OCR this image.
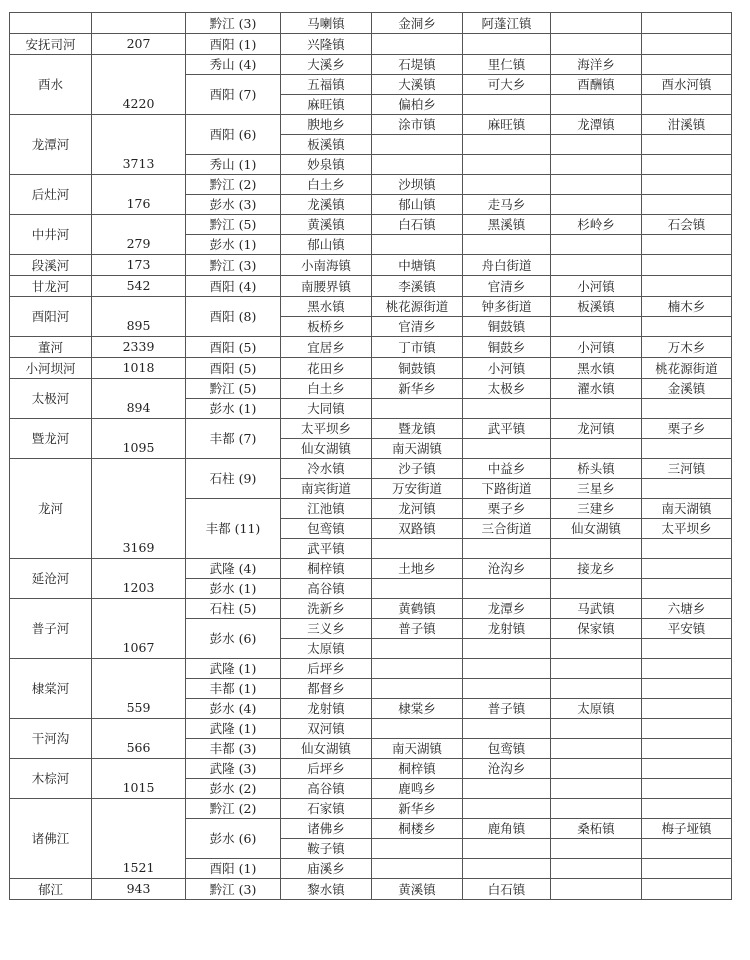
		黔江 (3)	马喇镇	金洞乡	阿蓬江镇		
安抚司河	207	酉阳 (1)	兴隆镇				
酉水	4220	秀山 (4)	大溪乡	石堤镇	里仁镇	海洋乡	
		酉阳 (7)	五福镇	大溪镇	可大乡	酉酬镇	酉水河镇
			麻旺镇	偏柏乡			
龙潭河	3713	酉阳 (6)	腴地乡	涂市镇	麻旺镇	龙潭镇	泔溪镇
			板溪镇				
		秀山 (1)	妙泉镇				
后灶河	176	黔江 (2)	白土乡	沙坝镇			
		彭水 (3)	龙溪镇	郁山镇	走马乡		
中井河	279	黔江 (5)	黄溪镇	白石镇	黑溪镇	杉岭乡	石会镇
		彭水 (1)	郁山镇				
段溪河	173	黔江 (3)	小南海镇	中塘镇	舟白街道		
甘龙河	542	酉阳 (4)	南腰界镇	李溪镇	官清乡	小河镇	
酉阳河	895	酉阳 (8)	黑水镇	桃花源街道	钟多街道	板溪镇	楠木乡
			板桥乡	官清乡	铜鼓镇		
董河	2339	酉阳 (5)	宜居乡	丁市镇	铜鼓乡	小河镇	万木乡
小河坝河	1018	酉阳 (5)	花田乡	铜鼓镇	小河镇	黑水镇	桃花源街道
太极河	894	黔江 (5)	白土乡	新华乡	太极乡	濯水镇	金溪镇
		彭水 (1)	大同镇				
暨龙河	1095	丰都 (7)	太平坝乡	暨龙镇	武平镇	龙河镇	栗子乡
			仙女湖镇	南天湖镇			
龙河	3169	石柱 (9)	冷水镇	沙子镇	中益乡	桥头镇	三河镇
			南宾街道	万安街道	下路街道	三星乡	
		丰都 (11)	江池镇	龙河镇	栗子乡	三建乡	南天湖镇
			包鸾镇	双路镇	三合街道	仙女湖镇	太平坝乡
			武平镇				
延沧河	1203	武隆 (4)	桐梓镇	土地乡	沧沟乡	接龙乡	
		彭水 (1)	高谷镇				
普子河	1067	石柱 (5)	洗新乡	黄鹤镇	龙潭乡	马武镇	六塘乡
		彭水 (6)	三义乡	普子镇	龙射镇	保家镇	平安镇
			太原镇				
棣棠河	559	武隆 (1)	后坪乡				
		丰都 (1)	都督乡				
		彭水 (4)	龙射镇	棣棠乡	普子镇	太原镇	
干河沟	566	武隆 (1)	双河镇				
		丰都 (3)	仙女湖镇	南天湖镇	包鸾镇		
木棕河	1015	武隆 (3)	后坪乡	桐梓镇	沧沟乡		
		彭水 (2)	高谷镇	鹿鸣乡			
诸佛江	1521	黔江 (2)	石家镇	新华乡			
		彭水 (6)	诸佛乡	桐楼乡	鹿角镇	桑柘镇	梅子垭镇
			鞍子镇				
		酉阳 (1)	庙溪乡				
郁江	943	黔江 (3)	黎水镇	黄溪镇	白石镇		
